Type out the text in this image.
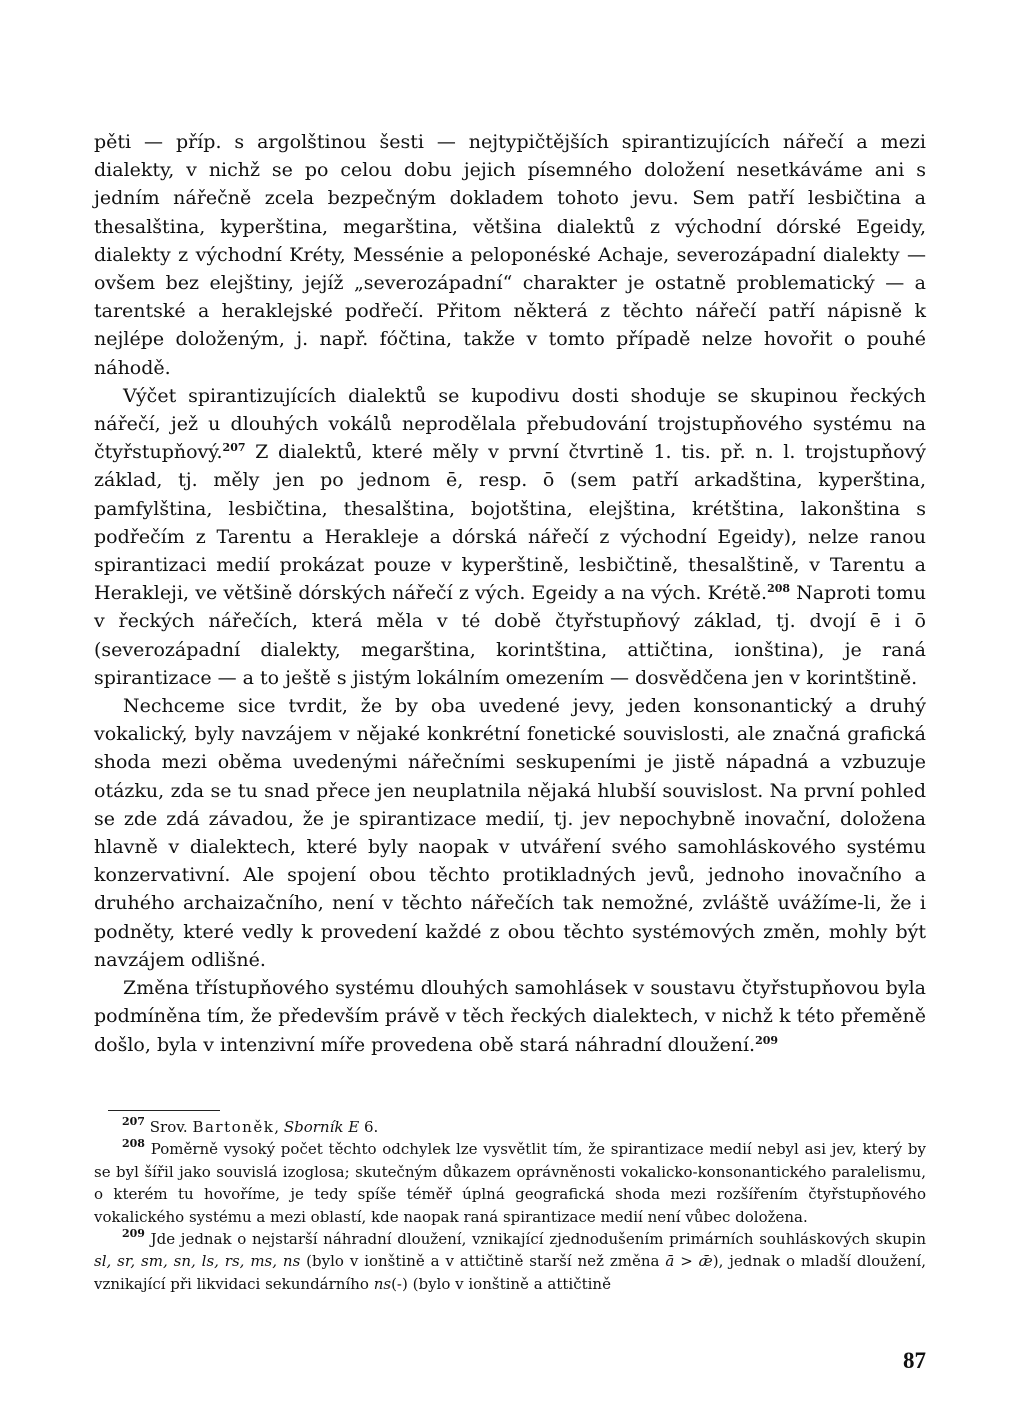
pěti — příp. s argolštinou šesti — nejtypičtějších spirantizujících nářečí a mezi dialekty, v nichž se po celou dobu jejich písemného doložení nesetkáváme ani s jedním nářečně zcela bezpečným dokladem tohoto jevu. Sem patří lesbičtina a thesalština, kyperština, megarština, většina dialektů z východní dórské Egeidy, dialekty z východní Kréty, Messénie a peloponéské Achaje, severozápadní dialekty — ovšem bez elejštiny, jejíž „severozápadní“ charakter je ostatně problematický — a tarentské a heraklejské podřečí. Přitom některá z těchto nářečí patří nápisně k nejlépe doloženým, j. např. fóčtina, takže v tomto případě nelze hovořit o pouhé náhodě.

Výčet spirantizujících dialektů se kupodivu dosti shoduje se skupinou řeckých nářečí, jež u dlouhých vokálů neprodělala přebudování trojstupňového systému na čtyřstupňový.$^{207}$ Z dialektů, které měly v první čtvrtině 1. tis. př. n. l. trojstupňový základ, tj. měly jen po jednom ē, resp. ō (sem patří arkadština, kyperština, pamfylština, lesbičtina, thesalština, bojotština, elejština, krétština, lakonština s podřečím z Tarentu a Herakleje a dórská nářečí z východní Egeidy), nelze ranou spirantizaci medií prokázat pouze v kyperštině, lesbičtině, thesalštině, v Tarentu a Herakleji, ve většině dórských nářečí z vých. Egeidy a na vých. Krétě.$^{208}$ Naproti tomu v řeckých nářečích, která měla v té době čtyřstupňový základ, tj. dvojí ē i ō (severozápadní dialekty, megarština, korintština, attičtina, ionština), je raná spirantizace — a to ještě s jistým lokálním omezením — dosvědčena jen v korintštině.

Nechceme sice tvrdit, že by oba uvedené jevy, jeden konsonantický a druhý vokalický, byly navzájem v nějaké konkrétní fonetické souvislosti, ale značná grafická shoda mezi oběma uvedenými nářečními seskupeními je jistě nápadná a vzbuzuje otázku, zda se tu snad přece jen neuplatnila nějaká hlubší souvislost. Na první pohled se zde zdá závadou, že je spirantizace medií, tj. jev nepochybně inovační, doložena hlavně v dialektech, které byly naopak v utváření svého samohláskového systému konzervativní. Ale spojení obou těchto protikladných jevů, jednoho inovačního a druhého archaizačního, není v těchto nářečích tak nemožné, zvláště uvážíme-li, že i podněty, které vedly k provedení každé z obou těchto systémových změn, mohly být navzájem odlišné.

Změna třístupňového systému dlouhých samohlásek v soustavu čtyřstupňovou byla podmíněna tím, že především právě v těch řeckých dialektech, v nichž k této přeměně došlo, byla v intenzivní míře provedena obě stará náhradní dloužení.$^{209}$

$^{207}$ Srov. Bartoněk, Sborník E 6.

$^{208}$ Poměrně vysoký počet těchto odchylek lze vysvětlit tím, že spirantizace medií nebyl asi jev, který by se byl šířil jako souvislá izoglosa; skutečným důkazem oprávněnosti vokalicko-konsonantického paralelismu, o kterém tu hovoříme, je tedy spíše téměř úplná geografická shoda mezi rozšířením čtyřstupňového vokalického systému a mezi oblastí, kde naopak raná spirantizace medií není vůbec doložena.

$^{209}$ Jde jednak o nejstarší náhradní dloužení, vznikající zjednodušením primárních souhláskových skupin sl, sr, sm, sn, ls, rs, ms, ns (bylo v ionštině a v attičtině starší než změna ā > ǣ), jednak o mladší dloužení, vznikající při likvidaci sekundárního ns(-) (bylo v ionštině a attičtině

87
